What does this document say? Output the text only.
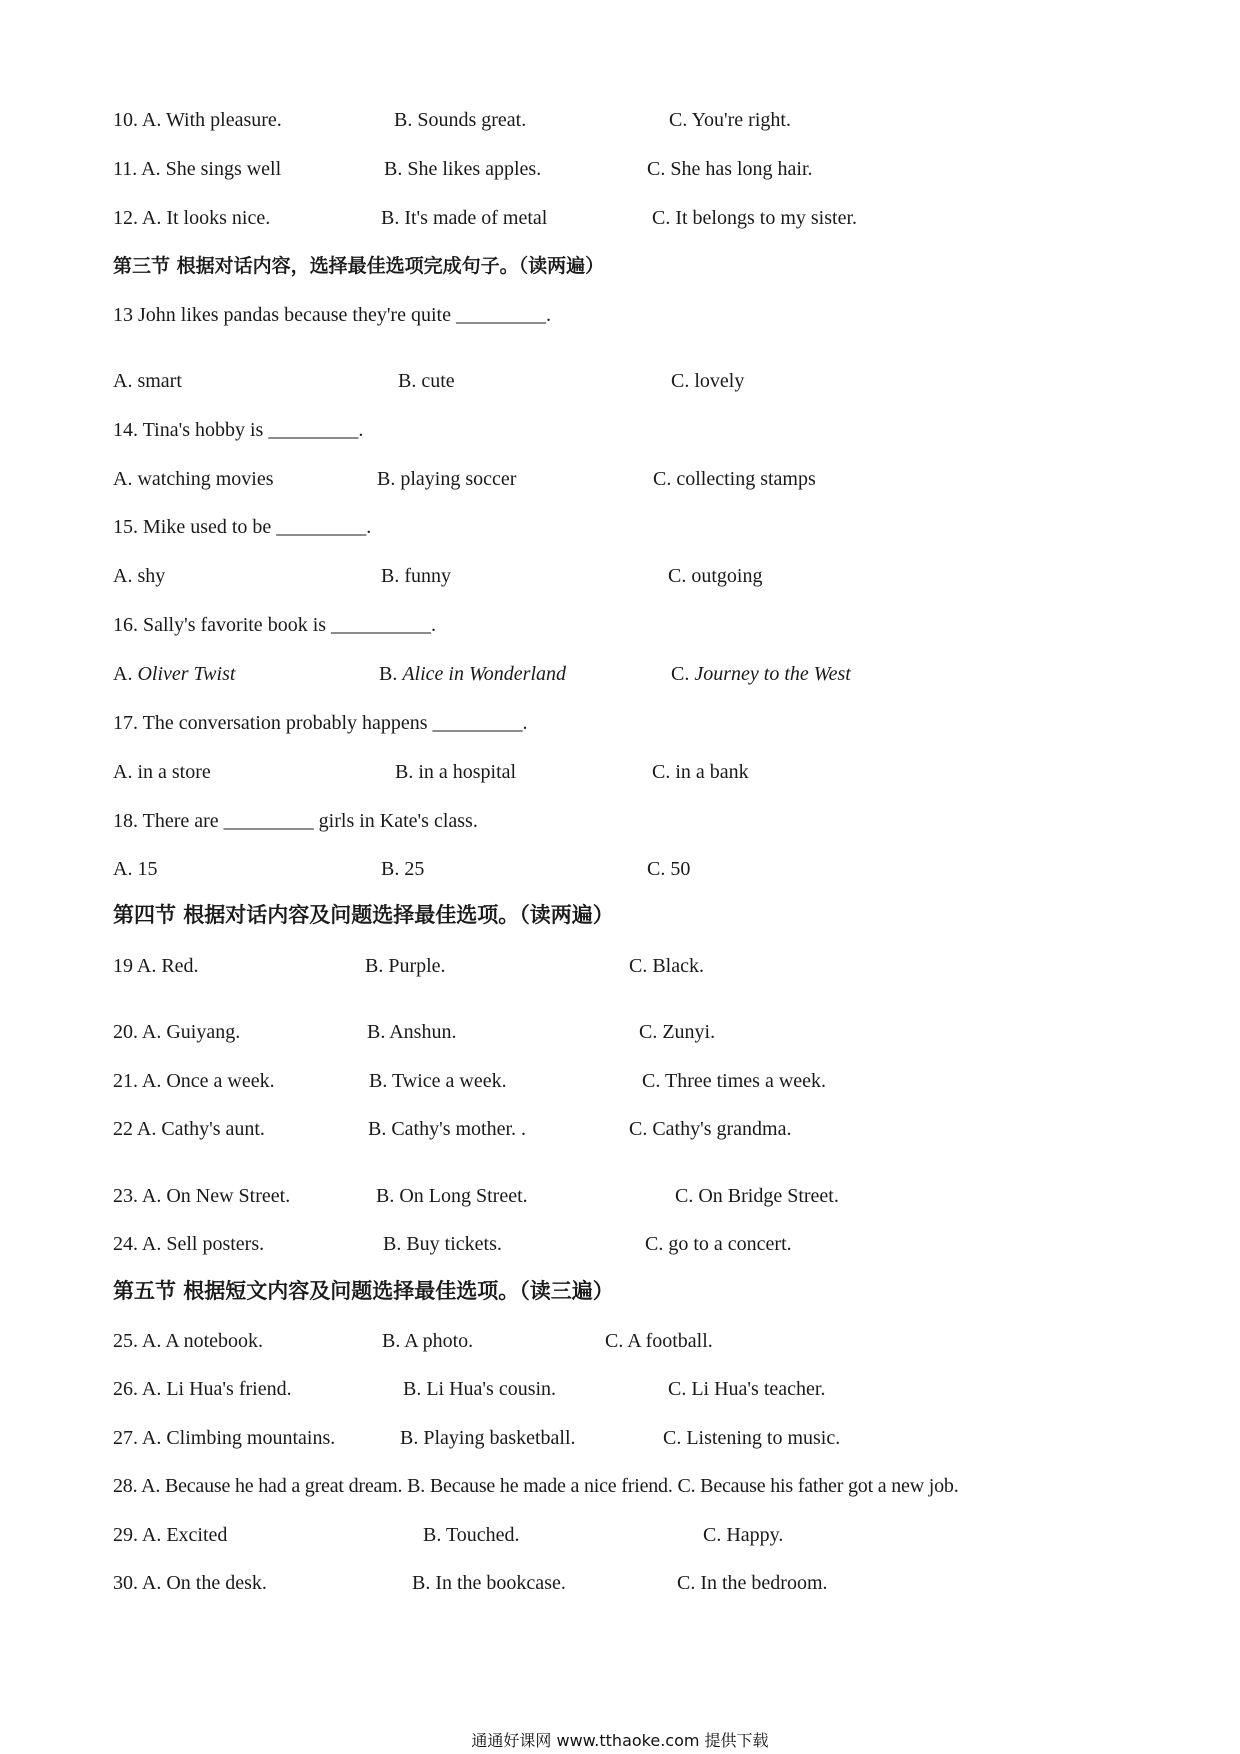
10. A. With pleasure.	B. Sounds great.	C. You're right.
11. A. She sings well	B. She likes apples.	C. She has long hair.
12. A. It looks nice.	B. It's made of metal	C. It belongs to my sister.
第三节 根据对话内容，选择最佳选项完成句子。（读两遍）
13 John likes pandas because they're quite _________.
A. smart	B. cute	C. lovely
14. Tina's hobby is _________.
A. watching movies	B. playing soccer	C. collecting stamps
15. Mike used to be _________.
A. shy	B. funny	C. outgoing
16. Sally's favorite book is __________.
A. Oliver Twist	B. Alice in Wonderland	C. Journey to the West
17. The conversation probably happens _________.
A. in a store	B. in a hospital	C. in a bank
18. There are _________ girls in Kate's class.
A. 15	B. 25	C. 50
第四节 根据对话内容及问题选择最佳选项。（读两遍）
19 A. Red.	B. Purple.	C. Black.
20. A. Guiyang.	B. Anshun.	C. Zunyi.
21. A. Once a week.	B. Twice a week.	C. Three times a week.
22 A. Cathy's aunt.	B. Cathy's mother. .	C. Cathy's grandma.
23. A. On New Street.	B. On Long Street.	C. On Bridge Street.
24. A. Sell posters.	B. Buy tickets.	C. go to a concert.
第五节 根据短文内容及问题选择最佳选项。（读三遍）
25. A. A notebook.	B. A photo.	C. A football.
26. A. Li Hua's friend.	B. Li Hua's cousin.	C. Li Hua's teacher.
27. A. Climbing mountains.	B. Playing basketball.	C. Listening to music.
28. A. Because he had a great dream. B. Because he made a nice friend. C. Because his father got a new job.
29. A. Excited	B. Touched.	C. Happy.
30. A. On the desk.	B. In the bookcase.	C. In the bedroom.
通通好课网 www.tthaoke.com 提供下载
